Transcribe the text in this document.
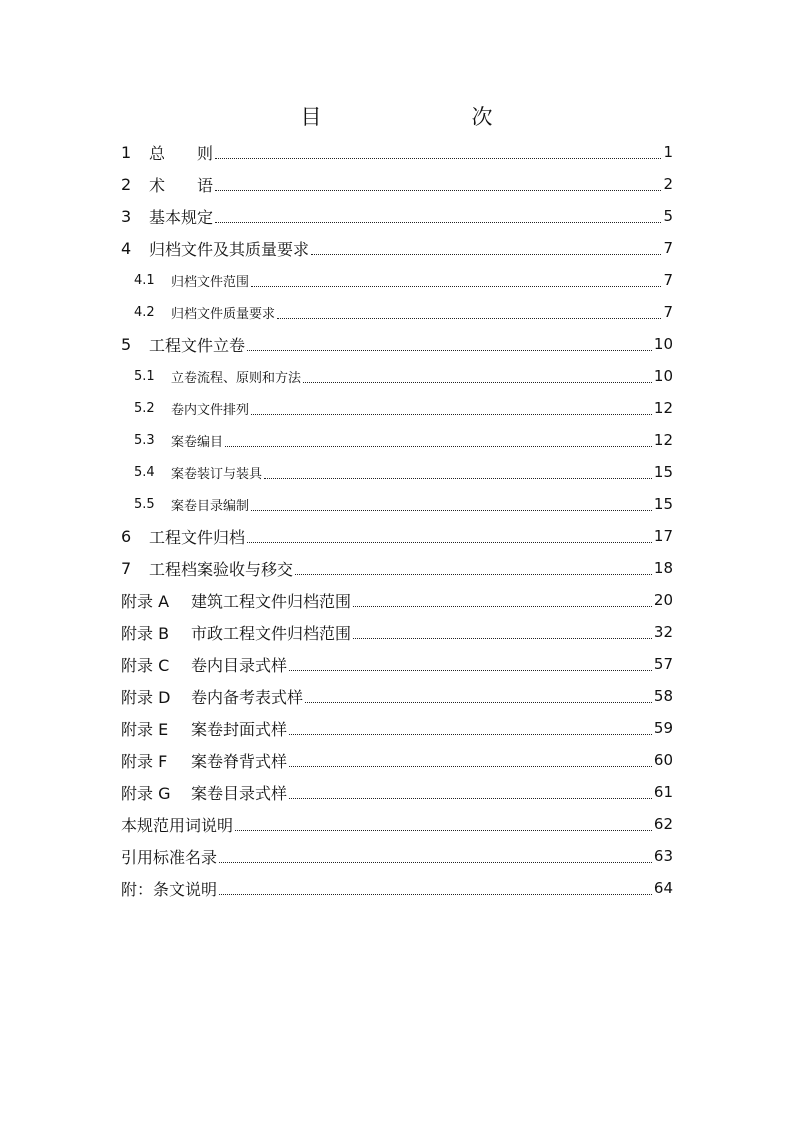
目　　次
1	总　　则	1
2	术　　语	2
3	基本规定	5
4	归档文件及其质量要求	7
4.1	归档文件范围	7
4.2	归档文件质量要求	7
5	工程文件立卷	10
5.1	立卷流程、原则和方法	10
5.2	卷内文件排列	12
5.3	案卷编目	12
5.4	案卷装订与装具	15
5.5	案卷目录编制	15
6	工程文件归档	17
7	工程档案验收与移交	18
附录 A	建筑工程文件归档范围	20
附录 B	市政工程文件归档范围	32
附录 C	卷内目录式样	57
附录 D	卷内备考表式样	58
附录 E	案卷封面式样	59
附录 F	案卷脊背式样	60
附录 G	案卷目录式样	61
本规范用词说明	62
引用标准名录	63
附：条文说明	64
